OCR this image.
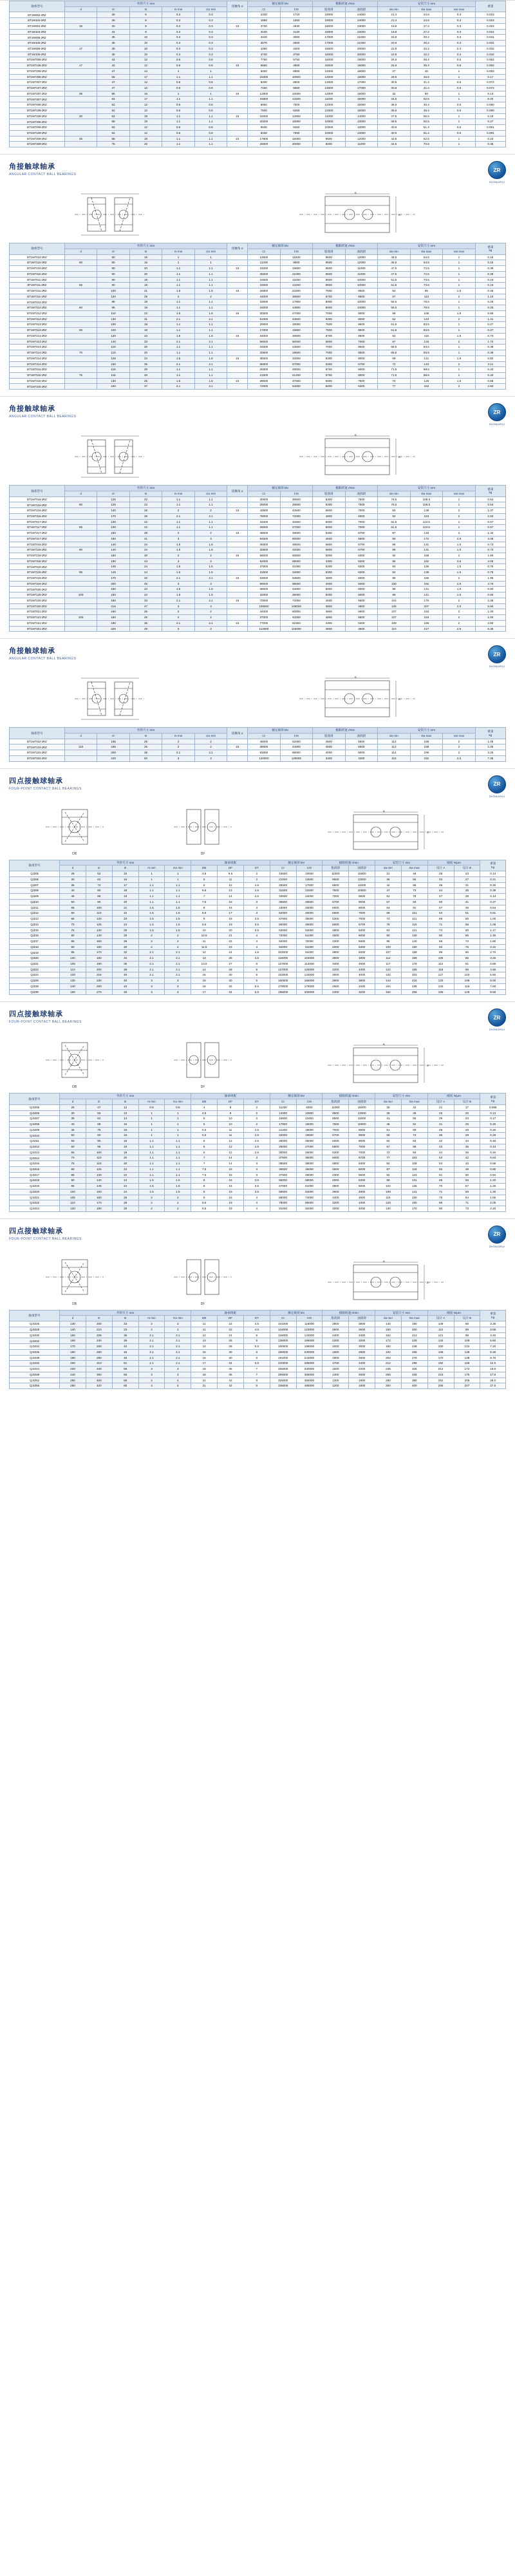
轴承型号	外形尺寸 mm					接触角 α	额定载荷 kN		极限转速 r/min		安装尺寸 mm			重量
	d	D	B	rs min	r1s min		Cr	C0r	脂润滑	油润滑	da min	Da max	ras max	
BT1W002-2RZ		28	8	0.3	0.3		2330	1710	19000	24000	21.4	24.6	0.3	0.015
BT1W104-2RZ		28	8	0.3	0.3		1860	1350	19000	24000	21.4	24.6	0.3	0.015
BT1W004-2RZ	15	32	9	0.3	0.3	15	3730	2630	18000	23000	19.8	27.2	0.3	0.022
BT1W104-2RZ		32	9	0.3	0.3		3100	2120	18000	23000	19.8	27.2	0.3	0.022
BT1W005-2RZ		35	10	0.3	0.3		4240	3050	17000	21000	20.8	30.2	0.3	0.031
BT1W105-2RZ		35	10	0.3	0.3		3570	2500	17000	21000	20.8	30.2	0.3	0.031
BT1W006-2RZ	17	35	10	0.3	0.3		4350	3400	16000	20000	22.8	32.2	0.3	0.032
BT1W106-2RZ		35	10	0.3	0.3		3730	2750	16000	20000	22.8	32.2	0.3	0.032
BT1W7006-2RZ		42	12	0.6	0.6		7750	5750	15000	19000	25.6	36.4	0.6	0.062
BT1W7106-2RZ	17	42	12	0.6	0.6	15	6550	4800	15000	19000	25.6	36.4	0.6	0.062
BT1W7206-2RZ		47	14	1	1		9250	6950	14000	18000	27	40	1	0.093
BT1W7306-2RZ		55	17	1.1	1.1		15300	10600	13000	16000	29.5	45.5	1	0.17
BT1W7007-2RZ		47	12	0.6	0.6		8300	6600	13000	17000	30.6	41.4	0.6	0.072
BT1W7107-2RZ		47	12	0.6	0.6		7150	5550	13000	17000	30.6	41.4	0.6	0.072
BT1W7207-2RZ	35	55	16	1	1	15	12900	10000	12000	16000	32	50	1	0.13
BT1W7307-2RZ		62	17	1.1	1.1		16800	13200	11000	15000	34.5	52.5	1	0.20
BT1W7008-2RZ		52	12	0.6	0.6		8850	7500	12000	15000	35.6	46.4	0.6	0.080
BT1W7108-2RZ		52	12	0.6	0.6		7500	6250	12000	15000	35.6	46.4	0.6	0.080
BT1W7208-2RZ	40	62	18	1.1	1.1	15	16000	12800	11000	14000	37.5	56.5	1	0.18
BT1W7308-2RZ		68	19	1.1	1.1		20200	16000	10000	13000	39.5	62.5	1	0.27
BT1W7009-2RZ		62	12	0.6	0.6		9500	8450	10000	13000	40.6	51.4	0.6	0.091
BT1W7109-2RZ		62	12	0.6	0.6		8150	7050	10000	13000	40.6	51.4	0.6	0.091
BT1W7209-2RZ	45	68	19	1.1	1.1	15	17800	15000	9500	12000	42.5	62.5	1	0.23
BT1W7309-2RZ		75	20	1.1	1.1		25000	20000	9000	11000	44.5	70.5	1	0.35
角接触球轴承
ANGULAR CONTACT BALL BEARINGS
ZR
ZHONGRUI
B
D
轴承型号	外形尺寸 mm					接触角 α	额定载荷 kN		极限转速 r/min		安装尺寸 mm			重量
kg
	d	D	B	rs min	r1s min		Cr	C0r	脂润滑	油润滑	da min	Da max	ras max	
BT1W7010-2RZ		80	16	1	1		13500	11500	9500	12000	45.5	64.5	1	0.15
BT1W7110-2RZ	50	80	16	1	1		11200	9500	9500	12000	45.5	64.5	1	0.15
BT1W7210-2RZ		90	20	1.1	1.1	15	23200	19600	8500	11000	47.5	72.5	1	0.39
BT1W7310-2RZ		90	20	1.1	1.1		25500	21000	8500	11000	47.5	72.5	1	0.39
BT1W7011-2RZ		90	18	1.1	1.1		18000	16200	8500	10000	51.5	73.5	1	0.23
BT1W7111-2RZ	55	90	18	1.1	1.1		15000	13200	8500	10000	51.5	73.5	1	0.23
BT1W7211-2RZ		100	21	1.5	1.5	15	26800	23200	7500	9500	54	96	1.5	0.46
BT1W7311-2RZ		120	29	2	2		44000	36500	6700	8500	57	113	2	1.16
BT1W7012-2RZ		95	18	1.1	1.1		19000	17800	8000	10000	56.5	78.5	1	0.25
BT1W7112-2RZ	60	95	18	1.1	1.1		16000	14500	8000	10000	56.5	78.5	1	0.25
BT1W7212-2RZ		110	22	1.5	1.5	15	30500	27000	7000	9000	59	106	1.5	0.59
BT1W7312-2RZ		130	31	2.1	2.1		51000	43500	6300	8000	62	123	2	1.41
BT1W7013-2RZ		100	18	1.1	1.1		20000	19000	7500	9500	61.5	83.5	1	0.27
BT1W7113-2RZ	65	100	18	1.1	1.1		17000	15600	7500	9500	61.5	83.5	1	0.27
BT1W7213-2RZ		120	23	1.5	1.5	15	34000	30500	6700	8500	64	116	1.5	0.73
BT1W7313-2RZ		140	33	2.1	2.1		58000	50000	5600	7000	67	133	2	1.72
BT1W7014-2RZ		110	20	1.1	1.1		24500	23600	7000	8500	66.5	93.5	1	0.38
BT1W7114-2RZ	70	110	20	1.1	1.1		20600	19600	7000	8500	66.5	93.5	1	0.38
BT1W7214-2RZ		125	24	1.5	1.5	15	36500	34000	6300	8000	69	121	1.5	0.82
BT1W7314-2RZ		150	35	2.1	2.1		65500	57000	5300	6700	72	143	2	2.11
BT1W7015-2RZ		115	20	1.1	1.1		25500	25500	6700	8000	71.5	98.5	1	0.40
BT1W7115-2RZ	75	115	20	1.1	1.1		21600	21200	6700	8000	71.5	98.5	1	0.40
BT1W7215-2RZ		130	25	1.5	1.5	15	39000	37500	6000	7500	74	126	1.5	0.88
BT1W7315-2RZ		160	37	2.1	2.1		72000	64000	5000	6300	77	153	2	2.50
角接触球轴承
ANGULAR CONTACT BALL BEARINGS
ZR
ZHONGRUI
B
D
轴承型号	外形尺寸 mm					接触角 α	额定载荷 kN		极限转速 r/min		安装尺寸 mm			重量
kg
	d	D	B	rs min	r1s min		Cr	C0r	脂润滑	油润滑	da min	Da max	ras max	
BT1W7016-2RZ		125	22	1.1	1.1		30000	30500	6300	7500	76.5	108.5	1	0.54
BT1W7116-2RZ	80	125	22	1.1	1.1		25000	25500	6300	7500	76.5	108.5	1	0.54
BT1W7216-2RZ		140	26	2	2	15	43500	42500	5600	7000	82	138	2	1.07
BT1W7316-2RZ		170	39	2.1	2.1		78000	72000	4800	6000	82	163	2	2.93
BT1W7017-2RZ		130	22	1.1	1.1		31000	32500	6000	7000	81.5	113.5	1	0.57
BT1W7117-2RZ	85	130	22	1.1	1.1		26000	27000	6000	7000	81.5	113.5	1	0.57
BT1W7217-2RZ		150	28	2	2	15	49500	49000	5300	6700	87	148	2	1.32
BT1W7317-2RZ		180	41	3	3		84500	80000	4500	5600	90	172	2.5	3.45
BT1W7018-2RZ		140	24	1.5	1.5		36500	38500	5600	6700	89	131	1.5	0.73
BT1W7118-2RZ	90	140	24	1.5	1.5		30500	32000	5600	6700	89	131	1.5	0.73
BT1W7218-2RZ		160	30	2	2	15	56000	56500	5000	6300	92	158	2	1.60
BT1W7318-2RZ		190	43	3	3		92000	89000	4300	5300	95	182	2.5	4.05
BT1W7019-2RZ		145	24	1.5	1.5		37500	41000	5300	6300	94	136	1.5	0.76
BT1W7119-2RZ	95	145	24	1.5	1.5		31500	34000	5300	6300	94	136	1.5	0.76
BT1W7219-2RZ		170	32	2.1	2.1	15	63000	64500	4800	6000	99	166	2	1.95
BT1W7319-2RZ		200	45	3	3		99000	98000	4000	5000	100	192	2.5	4.70
BT1W7020-2RZ		150	24	1.5	1.5		38000	43000	5000	6000	99	141	1.5	0.80
BT1W7120-2RZ	100	150	24	1.5	1.5		32000	36000	5000	6000	99	141	1.5	0.80
BT1W7220-2RZ		180	34	2.1	2.1	15	70000	72000	4500	5600	104	176	2	2.35
BT1W7320-2RZ		215	47	3	3		108000	108000	3800	4800	105	207	2.5	5.65
BT1W7021-2RZ		160	26	2	2		44000	50000	4800	5600	107	153	2	1.00
BT1W7121-2RZ	105	160	26	2	2		37000	42000	4800	5600	107	153	2	1.00
BT1W7221-2RZ		190	36	2.1	2.1	15	77000	81500	4300	5300	109	186	2	2.80
BT1W7321-2RZ		225	49	3	3		113000	116000	3600	4500	110	217	2.5	6.35
角接触球轴承
ANGULAR CONTACT BALL BEARINGS
ZR
ZHONGRUI
B
D
轴承型号	外形尺寸 mm					接触角 α	额定载荷 kN		极限转速 r/min		安装尺寸 mm			重量
kg
	d	D	B	rs min	r1s min		Cr	C0r	脂润滑	油润滑	da min	Da max	ras max	
BT1W7022-2RZ		165	26	2	2		45000	52000	4500	5600	112	158	2	1.05
BT1W7122-2RZ	110	165	26	2	2	15	38000	44000	4500	5600	112	158	2	1.05
BT1W7222-2RZ		200	38	2.1	2.1		83000	89000	4000	5000	114	196	2	3.25
BT1W7322-2RZ		240	50	3	3		120000	125000	3400	4300	115	232	2.5	7.35
四点接触球轴承
FOUR-POINT CONTACT BALL BEARINGS
ZR
ZHONGRUI
DB	DF
B
D
轴承型号	外形尺寸 mm					轴承组配			额定载荷 kN		极限转速 r/min		安装尺寸 mm		刚度 N/μm		重量
kg
	d	D	B	rs min	r1s min	DB	DF	DT	Cr	C0r	脂润滑	油润滑	da min	Da max	设计 A	设计 B	
QJ205	25	52	15	1	1	4.5	9.5	2	16500	10500	11000	15000	31	46	28	23	0.14
QJ206	30	62	16	1	1	5	11	2	21000	13500	9500	13000	36	56	33	27	0.21
QJ207	35	72	17	1.1	1.1	6	12	2.5	26500	17500	8500	11000	42	65	39	31	0.30
QJ208	40	80	18	1.1	1.1	6.5	13	2.5	31500	21500	7500	10000	47	73	44	35	0.39
QJ209	45	85	19	1.1	1.1	7	14	2.5	33500	24000	7000	9500	52	78	47	38	0.43
QJ210	50	90	20	1.1	1.1	7.5	15	3	35500	26500	6700	9000	57	83	50	41	0.47
QJ211	55	100	21	1.5	1.5	8	16	3	43000	33000	6000	8000	64	91	57	46	0.64
QJ212	60	110	22	1.5	1.5	8.5	17	3	52000	40000	5600	7500	69	101	63	51	0.81
QJ213	65	120	23	1.5	1.5	9	18	3.5	57000	45000	5300	7000	74	111	68	55	1.00
QJ214	70	125	24	1.5	1.5	9.5	19	3.5	60000	49000	5000	6700	79	116	71	58	1.08
QJ215	75	130	25	1.5	1.5	10	20	3.5	63000	53000	4800	6300	84	121	74	60	1.17
QJ216	80	140	26	2	2	10.5	21	4	72000	61000	4500	6000	90	130	80	65	1.45
QJ217	85	150	28	2	2	11	22	4	82000	70000	4300	5600	95	140	86	70	1.80
QJ218	90	160	30	2	2	11.5	23	4	94000	81000	4000	5300	100	150	93	76	2.22
QJ219	95	170	32	2.1	2.1	12	24	4.5	104000	91000	3800	5000	107	158	99	80	2.70
QJ220	100	180	34	2.1	2.1	13	26	4.5	116000	103000	3600	4800	112	168	106	86	3.25
QJ221	105	190	36	2.1	2.1	13.5	27	5	127000	114000	3400	4500	117	178	112	91	3.85
QJ222	110	200	38	2.1	2.1	14	28	5	137000	125000	3200	4300	122	188	118	96	4.55
QJ224	120	215	40	2.1	2.1	15	30	5	152000	143000	3000	4000	132	203	127	103	5.50
QJ226	130	230	40	3	3	15	30	5	160000	156000	2800	3800	144	216	133	108	6.00
QJ228	140	250	42	3	3	16	32	5.5	178000	176000	2600	3400	154	236	143	116	7.60
QJ230	150	270	45	3	3	17	34	5.5	196000	200000	2400	3200	164	256	155	126	9.50
四点接触球轴承
FOUR-POINT CONTACT BALL BEARINGS
ZR
ZHONGRUI
DB	DF
B
D
轴承型号	外形尺寸 mm					轴承组配			额定载荷 kN		极限转速 r/min		安装尺寸 mm		刚度 N/μm		重量
kg
	d	D	B	rs min	r1s min	DB	DF	DT	Cr	C0r	脂润滑	油润滑	da min	Da max	设计 A	设计 B	
QJ1005	25	47	12	0.6	0.6	4	8	2	11200	8300	11000	15000	30	42	21	17	0.085
QJ1006	30	55	13	1	1	4.5	9	2	14000	10800	9500	13000	36	49	25	20	0.13
QJ1007	35	62	14	1	1	5	10	2	16600	13400	8500	11000	41	56	29	23	0.17
QJ1008	40	68	15	1	1	5	10	2	17800	15000	7500	10000	46	62	31	25	0.20
QJ1009	45	75	16	1	1	5.5	11	2.5	21200	18000	7000	9500	51	69	35	28	0.26
QJ1010	50	80	16	1	1	5.5	11	2.5	22000	19600	6700	9000	56	74	36	29	0.28
QJ1011	55	90	18	1.1	1.1	6	12	2.5	28000	25000	6000	8000	62	83	42	34	0.40
QJ1012	60	95	18	1.1	1.1	6	12	2.5	29000	27000	5600	7500	67	88	43	35	0.43
QJ1013	65	100	18	1.1	1.1	6	12	2.5	30000	29000	5300	7000	72	93	44	36	0.46
QJ1014	70	110	20	1.1	1.1	7	14	3	37500	36000	5000	6700	77	103	52	42	0.63
QJ1015	75	115	20	1.1	1.1	7	14	3	38500	38000	4800	6300	82	108	53	43	0.66
QJ1016	80	125	22	1.1	1.1	7.5	15	3	46500	46000	4500	6000	87	118	60	49	0.90
QJ1017	85	130	22	1.1	1.1	7.5	15	3	47500	48000	4300	5600	92	123	61	50	0.94
QJ1018	90	140	24	1.5	1.5	8	16	3.5	56000	58000	4000	5300	99	131	69	56	1.20
QJ1019	95	145	24	1.5	1.5	8	16	3.5	57000	61000	3800	5000	104	136	70	57	1.25
QJ1020	100	150	24	1.5	1.5	8	16	3.5	58500	64000	3600	4800	109	141	71	58	1.30
QJ1021	105	160	26	2	2	9	18	4	68000	74000	3400	4500	115	150	79	64	1.65
QJ1022	110	170	28	2	2	9.5	19	4	78000	85000	3200	4300	120	160	88	71	2.05
QJ1024	120	180	28	2	2	9.5	19	4	81000	92000	3000	4000	130	170	90	73	2.20
四点接触球轴承
FOUR-POINT CONTACT BALL BEARINGS
ZR
ZHONGRUI
DB	DF
B
D
轴承型号	外形尺寸 mm					轴承组配			额定载荷 kN		极限转速 r/min		安装尺寸 mm		刚度 N/μm		重量
kg
	d	D	B	rs min	r1s min	DB	DF	DT	Cr	C0r	脂润滑	油润滑	da min	Da max	设计 A	设计 B	
QJ1026	130	200	33	2	2	11	22	4.5	101000	116000	2800	3800	140	190	108	88	3.35
QJ1028	140	210	33	2	2	11	22	4.5	104000	123000	2600	3600	150	200	110	89	3.55
QJ1030	150	225	35	2.1	2.1	12	24	5	119000	143000	2400	3400	162	213	121	98	4.40
QJ1032	160	240	38	2.1	2.1	13	26	5	136000	166000	2200	3200	172	228	134	109	5.50
QJ1034	170	260	42	2.1	2.1	14	28	5.5	160000	196000	2000	3000	182	248	150	122	7.20
QJ1036	180	280	46	2.1	2.1	15	30	6	186000	230000	1900	2800	192	268	168	136	9.30
QJ1038	190	290	46	2.1	2.1	15	30	6	191000	243000	1800	2600	202	278	170	138	9.70
QJ1040	200	310	51	2.1	2.1	17	34	6.5	220000	285000	1700	2400	212	298	192	156	12.5
QJ1044	220	340	56	3	3	18	36	7	255000	340000	1500	2200	235	325	212	172	16.5
QJ1048	240	360	56	3	3	18	36	7	265000	365000	1400	2000	255	345	215	175	17.8
QJ1052	260	400	65	4	4	21	42	8	325000	455000	1300	1900	280	380	252	205	26.0
QJ1056	280	420	65	4	4	21	42	8	335000	485000	1200	1800	300	400	255	207	27.5
